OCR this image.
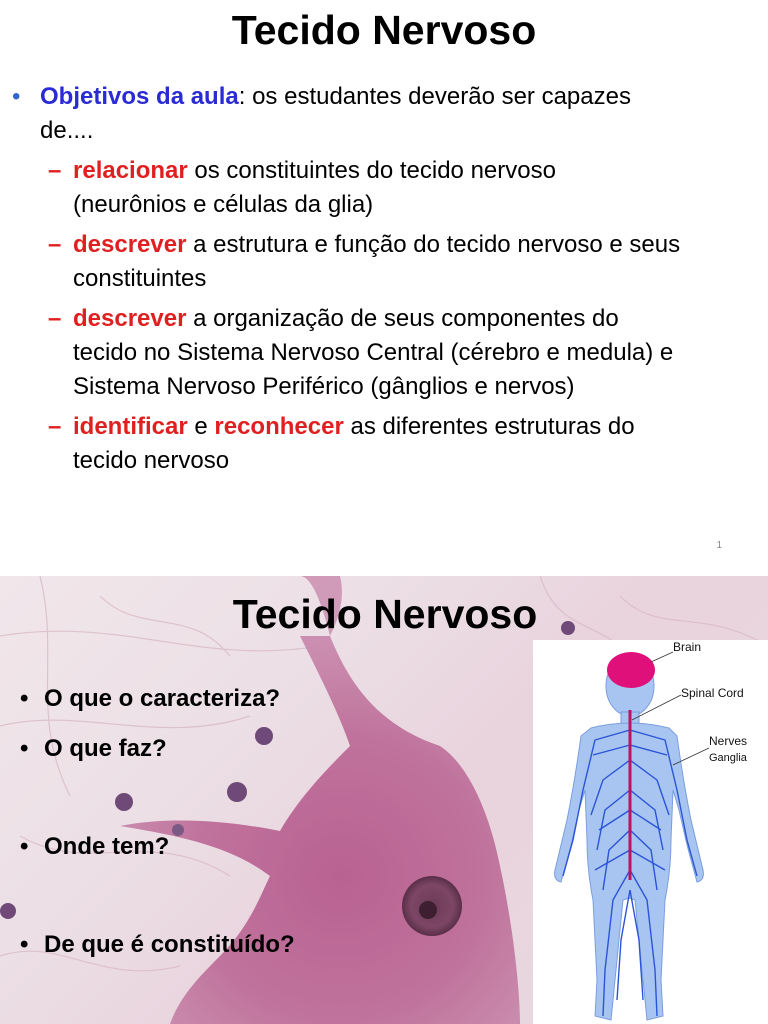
Tecido Nervoso
• Objetivos da aula: os estudantes deverão ser capazes
de....
– relacionar os constituintes do tecido nervoso
(neurônios e células da glia)
– descrever a estrutura e função do tecido nervoso e seus
constituintes
– descrever a organização de seus componentes do
tecido no Sistema Nervoso Central (cérebro e medula) e
Sistema Nervoso Periférico (gânglios e nervos)
– identificar e reconhecer as diferentes estruturas do
tecido nervoso
1
Tecido Nervoso
• O que o caracteriza?
• O que faz?
• Onde tem?
• De que é constituído?
Brain
Spinal Cord
Nerves
Ganglia
